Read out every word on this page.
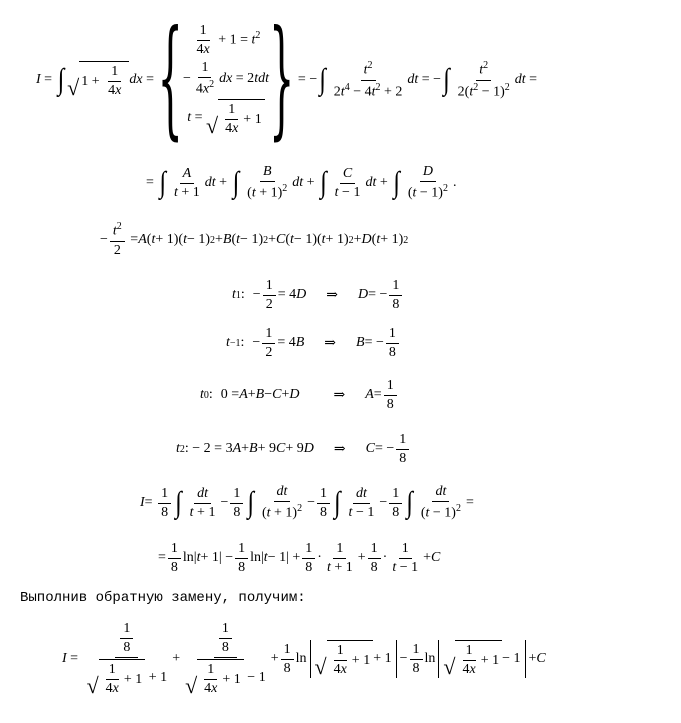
I = ∫ √ 1 +
1
4x
dx = { $\frac{1}{4x} + 1 = t^2$
− $\frac{1}{4x^2}$ dx = 2tdt
t = √
1
4x
+ 1 } = − ∫	$t^2$
$2t^4 - 4t^2 + 2$
dt = − ∫ $t^2$
$2(t^2 - 1)^2$ dt =
= ∫ A
t + 1
dt + ∫ B
$(t + 1)^2$ dt + ∫ C
t − 1
dt + ∫ D
$(t - 1)^2$ .
−
$t^2$
2
= A ( t + 1)( t − 1) 2 + B ( t − 1) 2 + C ( t − 1)( t + 1) 2 + D ( t + 1) 2
t 1 : −
1
2
= 4 D ⇒ D = −
1
8
t −1 : −
1
2
= 4 B ⇒ B = −
1
8
t 0 : 0 = A + B − C + D ⇒ A =
1
8
t 2 : − 2 = 3 A + B + 9 C + 9 D ⇒ C = −
1
8
I =
1
8 ∫ dt
t + 1
−
1
8 ∫ dt
$(t + 1)^2$ −
1
8 ∫ dt
t − 1
−
1
8 ∫ dt
$(t - 1)^2$ =
=
1
8
ln| t + 1| −
1
8
ln| t − 1| +
1
8
·
1
t + 1
+
1
8
·
1
t − 1
+ C
Выполнив обратную замену, получим:
I =
$\frac{1}{8}$
√
1
4x
+ 1 + 1
+
$\frac{1}{8}$
√
1
4x
+ 1 − 1
+
1
8
ln √
1
4x
+ 1 + 1 −
1
8
ln √
1
4x
+ 1 − 1 + C
